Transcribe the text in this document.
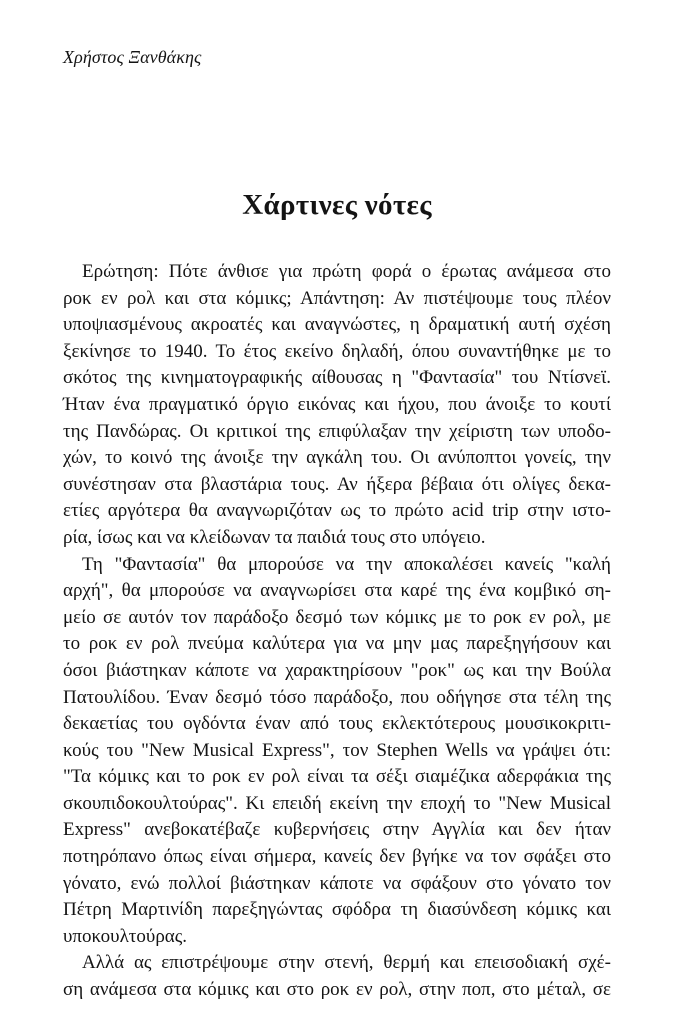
Χρήστος Ξανθάκης
Χάρτινες νότες
Ερώτηση: Πότε άνθισε για πρώτη φορά ο έρωτας ανάμεσα στο
ροκ εν ρολ και στα κόμικς; Απάντηση: Αν πιστέψουμε τους πλέον
υποψιασμένους ακροατές και αναγνώστες, η δραματική αυτή σχέση
ξεκίνησε το 1940. Το έτος εκείνο δηλαδή, όπου συναντήθηκε με το
σκότος της κινηματογραφικής αίθουσας η "Φαντασία" του Ντίσνεϊ.
Ήταν ένα πραγματικό όργιο εικόνας και ήχου, που άνοιξε το κουτί
της Πανδώρας. Οι κριτικοί της επιφύλαξαν την χείριστη των υποδο-
χών, το κοινό της άνοιξε την αγκάλη του. Οι ανύποπτοι γονείς, την
συνέστησαν στα βλαστάρια τους. Αν ήξερα βέβαια ότι ολίγες δεκα-
ετίες αργότερα θα αναγνωριζόταν ως το πρώτο acid trip στην ιστο-
ρία, ίσως και να κλείδωναν τα παιδιά τους στο υπόγειο.
Τη "Φαντασία" θα μπορούσε να την αποκαλέσει κανείς "καλή
αρχή", θα μπορούσε να αναγνωρίσει στα καρέ της ένα κομβικό ση-
μείο σε αυτόν τον παράδοξο δεσμό των κόμικς με το ροκ εν ρολ, με
το ροκ εν ρολ πνεύμα καλύτερα για να μην μας παρεξηγήσουν και
όσοι βιάστηκαν κάποτε να χαρακτηρίσουν "ροκ" ως και την Βούλα
Πατουλίδου. Έναν δεσμό τόσο παράδοξο, που οδήγησε στα τέλη της
δεκαετίας του ογδόντα έναν από τους εκλεκτότερους μουσικοκριτι-
κούς του "New Musical Express", τον Stephen Wells να γράψει ότι:
"Τα κόμικς και το ροκ εν ρολ είναι τα σέξι σιαμέζικα αδερφάκια της
σκουπιδοκουλτούρας". Κι επειδή εκείνη την εποχή το "New Musical
Express" ανεβοκατέβαζε κυβερνήσεις στην Αγγλία και δεν ήταν
ποτηρόπανο όπως είναι σήμερα, κανείς δεν βγήκε να τον σφάξει στο
γόνατο, ενώ πολλοί βιάστηκαν κάποτε να σφάξουν στο γόνατο τον
Πέτρη Μαρτινίδη παρεξηγώντας σφόδρα τη διασύνδεση κόμικς και
υποκουλτούρας.
Αλλά ας επιστρέψουμε στην στενή, θερμή και επεισοδιακή σχέ-
ση ανάμεσα στα κόμικς και στο ροκ εν ρολ, στην ποπ, στο μέταλ, σε
